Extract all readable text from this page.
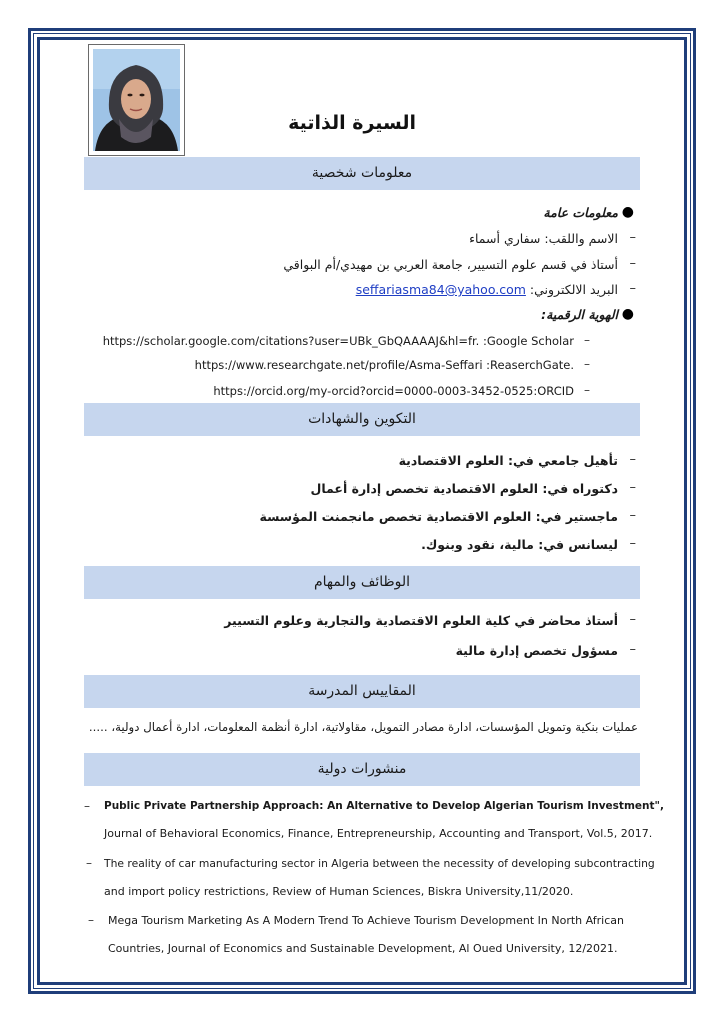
السيرة الذاتية
معلومات شخصية
●
معلومات عامة
–
الاسم واللقب: سفاري أسماء
–
أستاذ في قسم علوم التسيير، جامعة العربي بن مهيدي/أم البواقي
–
البريد الالكتروني: seffariasma84@yahoo.com
●
الهوية الرقمية:
–
https://scholar.google.com/citations?user=UBk_GbQAAAAJ&hl=fr. :Google Scholar
–
https://www.researchgate.net/profile/Asma-Seffari :ReaserchGate.
–
https://orcid.org/my-orcid?orcid=0000-0003-3452-0525:ORCID
التكوين والشهادات
–
تأهيل جامعي في: العلوم الاقتصادية
–
دكتوراه في: العلوم الاقتصادية تخصص إدارة أعمال
–
ماجستير في: العلوم الاقتصادية تخصص مانجمنت المؤسسة
–
ليسانس في: مالية، نقود وبنوك.
الوظائف والمهام
–
أستاذ محاضر في كلية العلوم الاقتصادية والتجارية وعلوم التسيير
–
مسؤول تخصص إدارة مالية
المقاييس المدرسة
عمليات بنكية وتمويل المؤسسات، ادارة مصادر التمويل، مقاولاتية، ادارة أنظمة المعلومات، ادارة أعمال دولية، .....
منشورات دولية
– Public Private Partnership Approach: An Alternative to Develop Algerian Tourism Investment",
Journal of Behavioral Economics, Finance, Entrepreneurship, Accounting and Transport, Vol.5, 2017.
– The reality of car manufacturing sector in Algeria between the necessity of developing subcontracting
and import policy restrictions, Review of Human Sciences, Biskra University,11/2020.
– Mega Tourism Marketing As A Modern Trend To Achieve Tourism Development In North African
Countries, Journal of Economics and Sustainable Development, Al Oued University, 12/2021.
